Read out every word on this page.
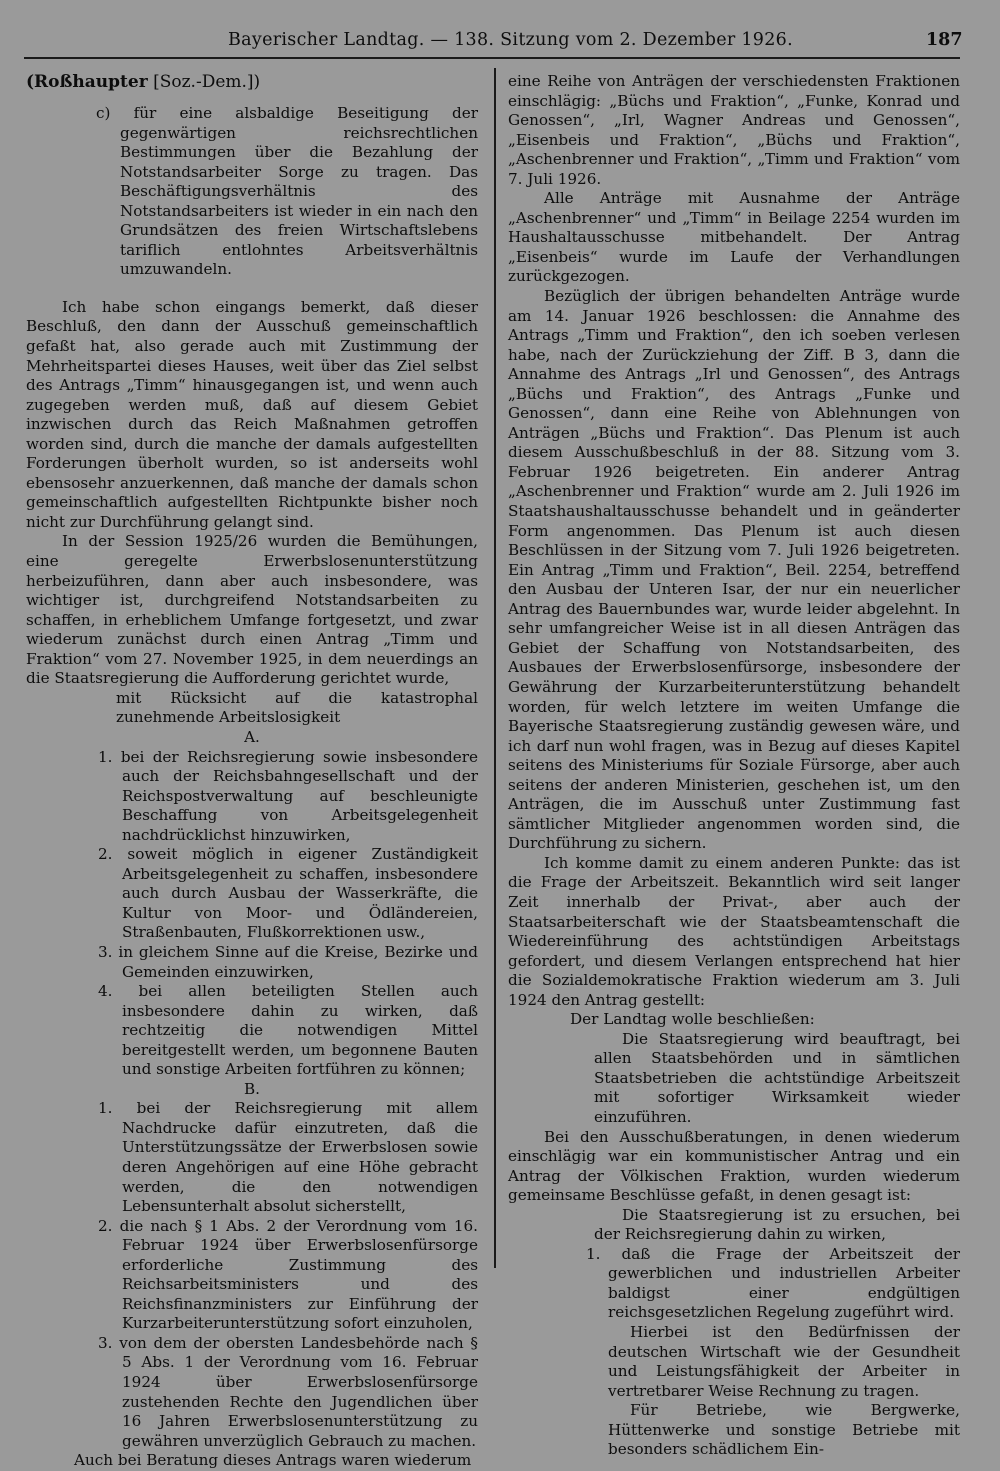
Bayerischer Landtag. — 138. Sitzung vom 2. Dezember 1926.	187
(Roßhaupter [Soz.-Dem.])

c) für eine alsbaldige Beseitigung der gegenwärtigen reichsrechtlichen Bestimmungen über die Bezahlung der Notstandsarbeiter Sorge zu tragen. Das Beschäftigungsverhältnis des Notstandsarbeiters ist wieder in ein nach den Grundsätzen des freien Wirtschaftslebens tariflich entlohntes Arbeitsverhältnis umzuwandeln.

Ich habe schon eingangs bemerkt, daß dieser Beschluß, den dann der Ausschuß gemeinschaftlich gefaßt hat, also gerade auch mit Zustimmung der Mehrheitspartei dieses Hauses, weit über das Ziel selbst des Antrags „Timm“ hinausgegangen ist, und wenn auch zugegeben werden muß, daß auf diesem Gebiet inzwischen durch das Reich Maßnahmen getroffen worden sind, durch die manche der damals aufgestellten Forderungen überholt wurden, so ist anderseits wohl ebensosehr anzuerkennen, daß manche der damals schon gemeinschaftlich aufgestellten Richtpunkte bisher noch nicht zur Durchführung gelangt sind.

In der Session 1925/26 wurden die Bemühungen, eine geregelte Erwerbslosenunterstützung herbeizuführen, dann aber auch insbesondere, was wichtiger ist, durchgreifend Notstandsarbeiten zu schaffen, in erheblichem Umfange fortgesetzt, und zwar wiederum zunächst durch einen Antrag „Timm und Fraktion“ vom 27. November 1925, in dem neuerdings an die Staatsregierung die Aufforderung gerichtet wurde,

mit Rücksicht auf die katastrophal zunehmende Arbeitslosigkeit

A.

1. bei der Reichsregierung sowie insbesondere auch der Reichsbahngesellschaft und der Reichspostverwaltung auf beschleunigte Beschaffung von Arbeitsgelegenheit nachdrücklichst hinzuwirken,

2. soweit möglich in eigener Zuständigkeit Arbeitsgelegenheit zu schaffen, insbesondere auch durch Ausbau der Wasserkräfte, die Kultur von Moor- und Ödländereien, Straßenbauten, Flußkorrektionen usw.,

3. in gleichem Sinne auf die Kreise, Bezirke und Gemeinden einzuwirken,

4. bei allen beteiligten Stellen auch insbesondere dahin zu wirken, daß rechtzeitig die notwendigen Mittel bereitgestellt werden, um begonnene Bauten und sonstige Arbeiten fortführen zu können;

B.

1. bei der Reichsregierung mit allem Nachdrucke dafür einzutreten, daß die Unterstützungssätze der Erwerbslosen sowie deren Angehörigen auf eine Höhe gebracht werden, die den notwendigen Lebensunterhalt absolut sicherstellt,

2. die nach § 1 Abs. 2 der Verordnung vom 16. Februar 1924 über Erwerbslosenfürsorge erforderliche Zustimmung des Reichsarbeitsministers und des Reichsfinanzministers zur Einführung der Kurzarbeiterunterstützung sofort einzuholen,

3. von dem der obersten Landesbehörde nach § 5 Abs. 1 der Verordnung vom 16. Februar 1924 über Erwerbslosenfürsorge zustehenden Rechte den Jugendlichen über 16 Jahren Erwerbslosenunterstützung zu gewähren unverzüglich Gebrauch zu machen.

Auch bei Beratung dieses Antrags waren wiederum

eine Reihe von Anträgen der verschiedensten Fraktionen einschlägig: „Büchs und Fraktion“, „Funke, Konrad und Genossen“, „Irl, Wagner Andreas und Genossen“, „Eisenbeis und Fraktion“, „Büchs und Fraktion“, „Aschenbrenner und Fraktion“, „Timm und Fraktion“ vom 7. Juli 1926.

Alle Anträge mit Ausnahme der Anträge „Aschenbrenner“ und „Timm“ in Beilage 2254 wurden im Haushaltausschusse mitbehandelt. Der Antrag „Eisenbeis“ wurde im Laufe der Verhandlungen zurückgezogen.

Bezüglich der übrigen behandelten Anträge wurde am 14. Januar 1926 beschlossen: die Annahme des Antrags „Timm und Fraktion“, den ich soeben verlesen habe, nach der Zurückziehung der Ziff. B 3, dann die Annahme des Antrags „Irl und Genossen“, des Antrags „Büchs und Fraktion“, des Antrags „Funke und Genossen“, dann eine Reihe von Ablehnungen von Anträgen „Büchs und Fraktion“. Das Plenum ist auch diesem Ausschußbeschluß in der 88. Sitzung vom 3. Februar 1926 beigetreten. Ein anderer Antrag „Aschenbrenner und Fraktion“ wurde am 2. Juli 1926 im Staatshaushaltausschusse behandelt und in geänderter Form angenommen. Das Plenum ist auch diesen Beschlüssen in der Sitzung vom 7. Juli 1926 beigetreten. Ein Antrag „Timm und Fraktion“, Beil. 2254, betreffend den Ausbau der Unteren Isar, der nur ein neuerlicher Antrag des Bauernbundes war, wurde leider abgelehnt. In sehr umfangreicher Weise ist in all diesen Anträgen das Gebiet der Schaffung von Notstandsarbeiten, des Ausbaues der Erwerbslosenfürsorge, insbesondere der Gewährung der Kurzarbeiterunterstützung behandelt worden, für welch letztere im weiten Umfange die Bayerische Staatsregierung zuständig gewesen wäre, und ich darf nun wohl fragen, was in Bezug auf dieses Kapitel seitens des Ministeriums für Soziale Fürsorge, aber auch seitens der anderen Ministerien, geschehen ist, um den Anträgen, die im Ausschuß unter Zustimmung fast sämtlicher Mitglieder angenommen worden sind, die Durchführung zu sichern.

Ich komme damit zu einem anderen Punkte: das ist die Frage der Arbeitszeit. Bekanntlich wird seit langer Zeit innerhalb der Privat-, aber auch der Staatsarbeiterschaft wie der Staatsbeamtenschaft die Wiedereinführung des achtstündigen Arbeitstags gefordert, und diesem Verlangen entsprechend hat hier die Sozialdemokratische Fraktion wiederum am 3. Juli 1924 den Antrag gestellt:

Der Landtag wolle beschließen:

Die Staatsregierung wird beauftragt, bei allen Staatsbehörden und in sämtlichen Staatsbetrieben die achtstündige Arbeitszeit mit sofortiger Wirksamkeit wieder einzuführen.

Bei den Ausschußberatungen, in denen wiederum einschlägig war ein kommunistischer Antrag und ein Antrag der Völkischen Fraktion, wurden wiederum gemeinsame Beschlüsse gefaßt, in denen gesagt ist:

Die Staatsregierung ist zu ersuchen, bei der Reichsregierung dahin zu wirken,

1. daß die Frage der Arbeitszeit der gewerblichen und industriellen Arbeiter baldigst einer endgültigen reichsgesetzlichen Regelung zugeführt wird.

Hierbei ist den Bedürfnissen der deutschen Wirtschaft wie der Gesundheit und Leistungsfähigkeit der Arbeiter in vertretbarer Weise Rechnung zu tragen.

Für Betriebe, wie Bergwerke, Hüttenwerke und sonstige Betriebe mit besonders schädlichem Ein-
